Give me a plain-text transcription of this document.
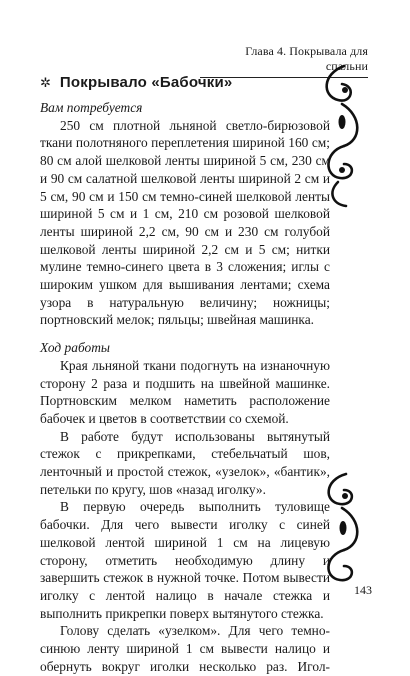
Глава 4. Покрывала для спальни
✲ Покрывало «Бабочки»

Вам потребуется

250 см плотной льняной светло-бирюзовой ткани полотняного переплетения шириной 160 см; 80 см алой шелковой ленты шириной 5 см, 230 см и 90 см салатной шелковой ленты шириной 2 см и 5 см, 90 см и 150 см темно-синей шелковой ленты шириной 5 см и 1 см, 210 см розовой шелковой ленты шириной 2,2 см, 90 см и 230 см голубой шелковой ленты шириной 2,2 см и 5 см; нитки мулине темно-синего цвета в 3 сложения; иглы с широким ушком для вышивания лентами; схема узора в натуральную величину; ножницы; портновский мелок; пяльцы; швейная машинка.

Ход работы

Края льняной ткани подогнуть на изнаночную сторону 2 раза и подшить на швейной машинке. Портновским мелком наметить расположение бабочек и цветов в соответствии со схемой.

В работе будут использованы вытянутый стежок с прикрепками, стебельчатый шов, ленточный и простой стежок, «узелок», «бантик», петельки по кругу, шов «назад иголку».

В первую очередь выполнить туловище бабочки. Для чего вывести иголку с синей шелковой лентой шириной 1 см на лицевую сторону, отметить необходимую длину и завершить стежок в нужной точке. Потом вывести иголку с лентой налицо в начале стежка и выполнить прикрепки поверх вытянутого стежка.

Голову сделать «узелком». Для чего темно-синюю ленту шириной 1 см вывести налицо и обернуть вокруг иголки несколько раз. Игол-

143
